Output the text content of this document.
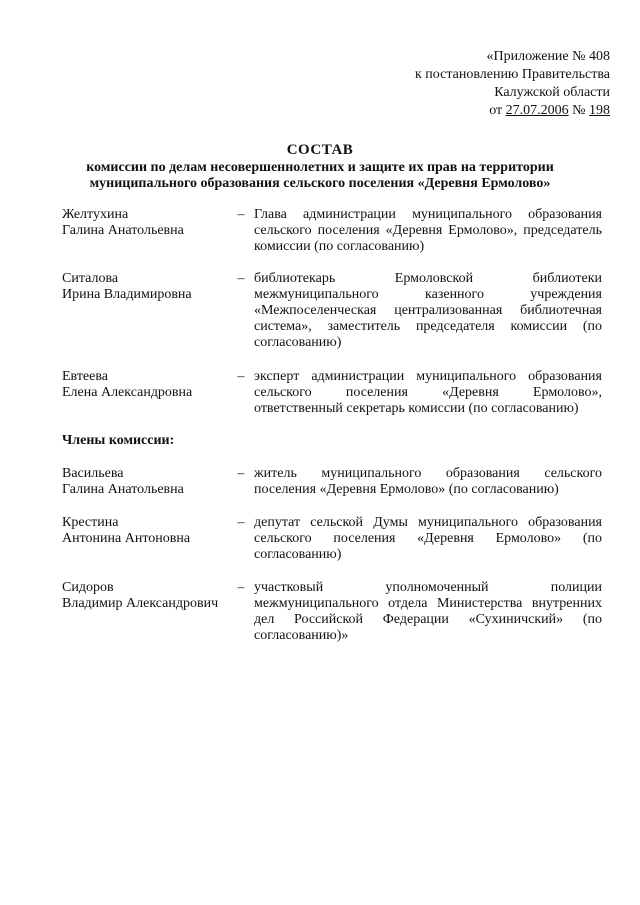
«Приложение № 408
к постановлению Правительства
Калужской области
от 27.07.2006 № 198
СОСТАВ
комиссии по делам несовершеннолетних и защите их прав на территории
муниципального образования сельского поселения «Деревня Ермолово»
Желтухина
Галина Анатольевна
– Глава администрации муниципального образования сельского поселения «Деревня Ермолово», председатель комиссии (по согласованию)
Ситалова
Ирина Владимировна
– библиотекарь Ермоловской библиотеки межмуниципального казенного учреждения «Межпоселенческая централизованная библиотечная система», заместитель председателя комиссии (по согласованию)
Евтеева
Елена Александровна
– эксперт администрации муниципального образования сельского поселения «Деревня Ермолово», ответственный секретарь комиссии (по согласованию)
Члены комиссии:
Васильева
Галина Анатольевна
– житель муниципального образования сельского поселения «Деревня Ермолово» (по согласованию)
Крестина
Антонина Антоновна
– депутат сельской Думы муниципального образования сельского поселения «Деревня Ермолово» (по согласованию)
Сидоров
Владимир Александрович
– участковый уполномоченный полиции межмуниципального отдела Министерства внутренних дел Российской Федерации «Сухиничский» (по согласованию)»
